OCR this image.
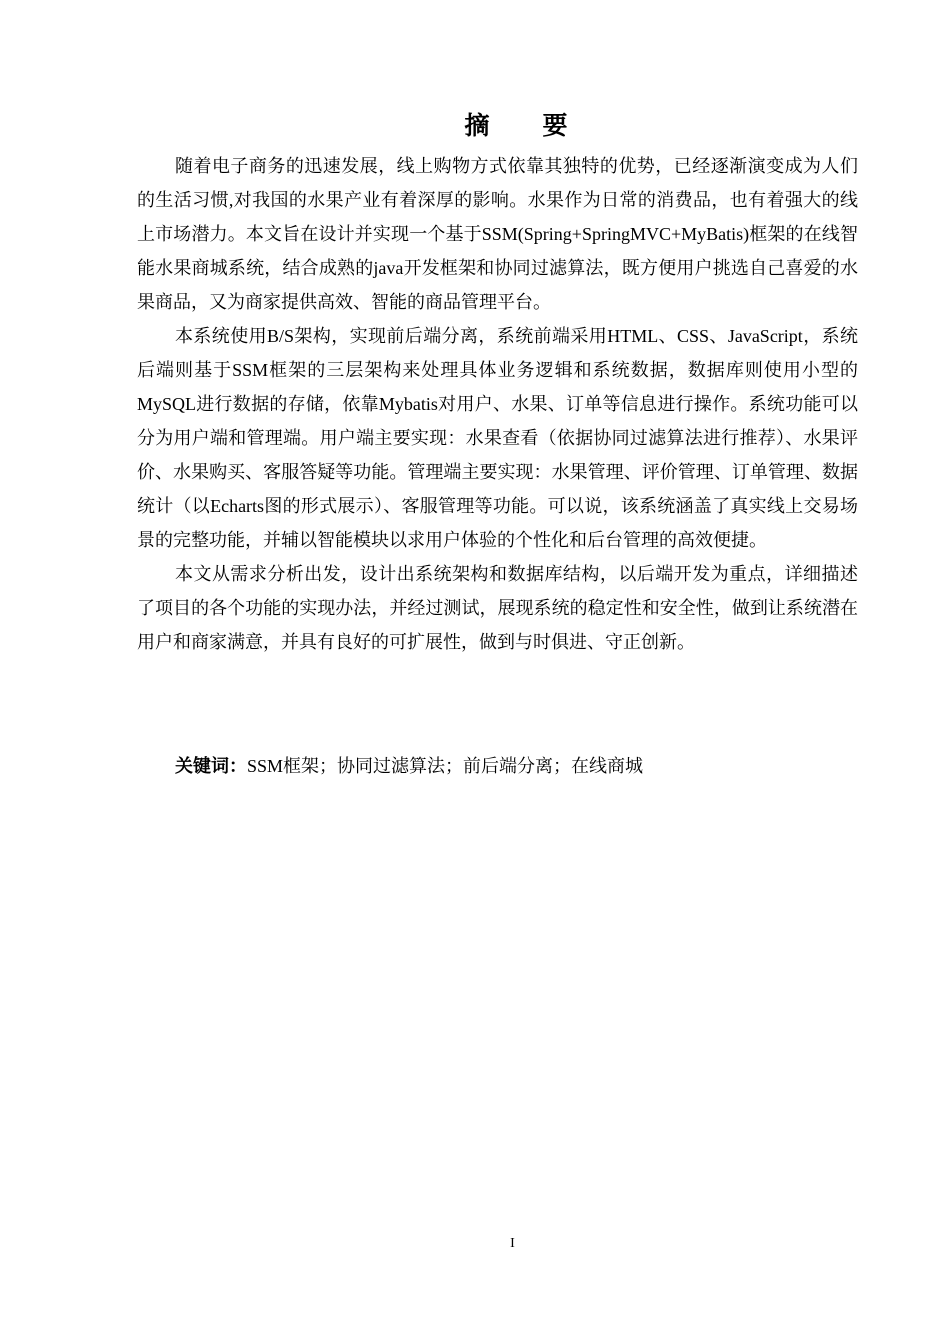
摘　要

随着电子商务的迅速发展，线上购物方式依靠其独特的优势，已经逐渐演变成为人们的生活习惯,对我国的水果产业有着深厚的影响。水果作为日常的消费品，也有着强大的线上市场潜力。本文旨在设计并实现一个基于SSM(Spring+SpringMVC+MyBatis)框架的在线智能水果商城系统，结合成熟的java开发框架和协同过滤算法，既方便用户挑选自己喜爱的水果商品，又为商家提供高效、智能的商品管理平台。

本系统使用B/S架构，实现前后端分离，系统前端采用HTML、CSS、JavaScript，系统后端则基于SSM框架的三层架构来处理具体业务逻辑和系统数据，数据库则使用小型的MySQL进行数据的存储，依靠Mybatis对用户、水果、订单等信息进行操作。系统功能可以分为用户端和管理端。用户端主要实现：水果查看（依据协同过滤算法进行推荐）、水果评价、水果购买、客服答疑等功能。管理端主要实现：水果管理、评价管理、订单管理、数据统计（以Echarts图的形式展示）、客服管理等功能。可以说，该系统涵盖了真实线上交易场景的完整功能，并辅以智能模块以求用户体验的个性化和后台管理的高效便捷。

本文从需求分析出发，设计出系统架构和数据库结构，以后端开发为重点，详细描述了项目的各个功能的实现办法，并经过测试，展现系统的稳定性和安全性，做到让系统潜在用户和商家满意，并具有良好的可扩展性，做到与时俱进、守正创新。

关键词：SSM框架；协同过滤算法；前后端分离；在线商城
I
